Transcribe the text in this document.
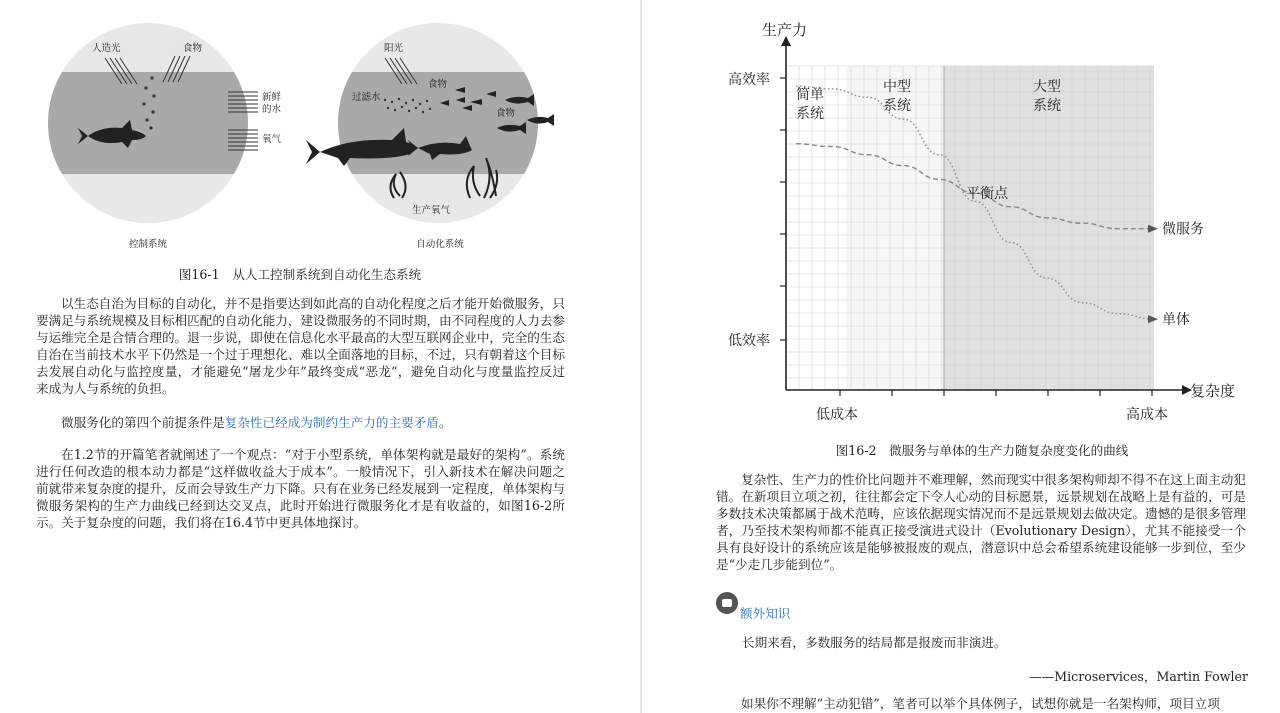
人造光	食物
新鲜
的水
氧气
控制系统
阳光
过滤水
食物
食物
生产氧气
自动化系统
图16-1　从人工控制系统到自动化生态系统

以生态自治为目标的自动化，并不是指要达到如此高的自动化程度之后才能开始微服务，只要满足与系统规模及目标相匹配的自动化能力，建设微服务的不同时期，由不同程度的人力去参与运维完全是合情合理的。退一步说，即使在信息化水平最高的大型互联网企业中，完全的生态自治在当前技术水平下仍然是一个过于理想化、难以全面落地的目标，不过，只有朝着这个目标去发展自动化与监控度量，才能避免“屠龙少年”最终变成“恶龙”，避免自动化与度量监控反过来成为人与系统的负担。

微服务化的第四个前提条件是复杂性已经成为制约生产力的主要矛盾。

在1.2节的开篇笔者就阐述了一个观点：“对于小型系统，单体架构就是最好的架构”。系统进行任何改造的根本动力都是“这样做收益大于成本”。一般情况下，引入新技术在解决问题之前就带来复杂度的提升，反而会导致生产力下降。只有在业务已经发展到一定程度，单体架构与微服务架构的生产力曲线已经到达交叉点，此时开始进行微服务化才是有收益的，如图16-2所示。关于复杂度的问题，我们将在16.4节中更具体地探讨。

生产力
复杂度
高效率
低效率
低成本	高成本
简单
系统
中型
系统
大型
系统
单体
微服务
平衡点
图16-2　微服务与单体的生产力随复杂度变化的曲线

复杂性、生产力的性价比问题并不难理解，然而现实中很多架构师却不得不在这上面主动犯错。在新项目立项之初，往往都会定下令人心动的目标愿景，远景规划在战略上是有益的，可是多数技术决策都属于战术范畴，应该依据现实情况而不是远景规划去做决定。遗憾的是很多管理者，乃至技术架构师都不能真正接受演进式设计（Evolutionary Design），尤其不能接受一个具有良好设计的系统应该是能够被报废的观点，潜意识中总会希望系统建设能够一步到位，至少是“少走几步能到位”。

额外知识

长期来看，多数服务的结局都是报废而非演进。

——Microservices，Martin Fowler

如果你不理解“主动犯错”，笔者可以举个具体例子，试想你就是一名架构师，项目立项
